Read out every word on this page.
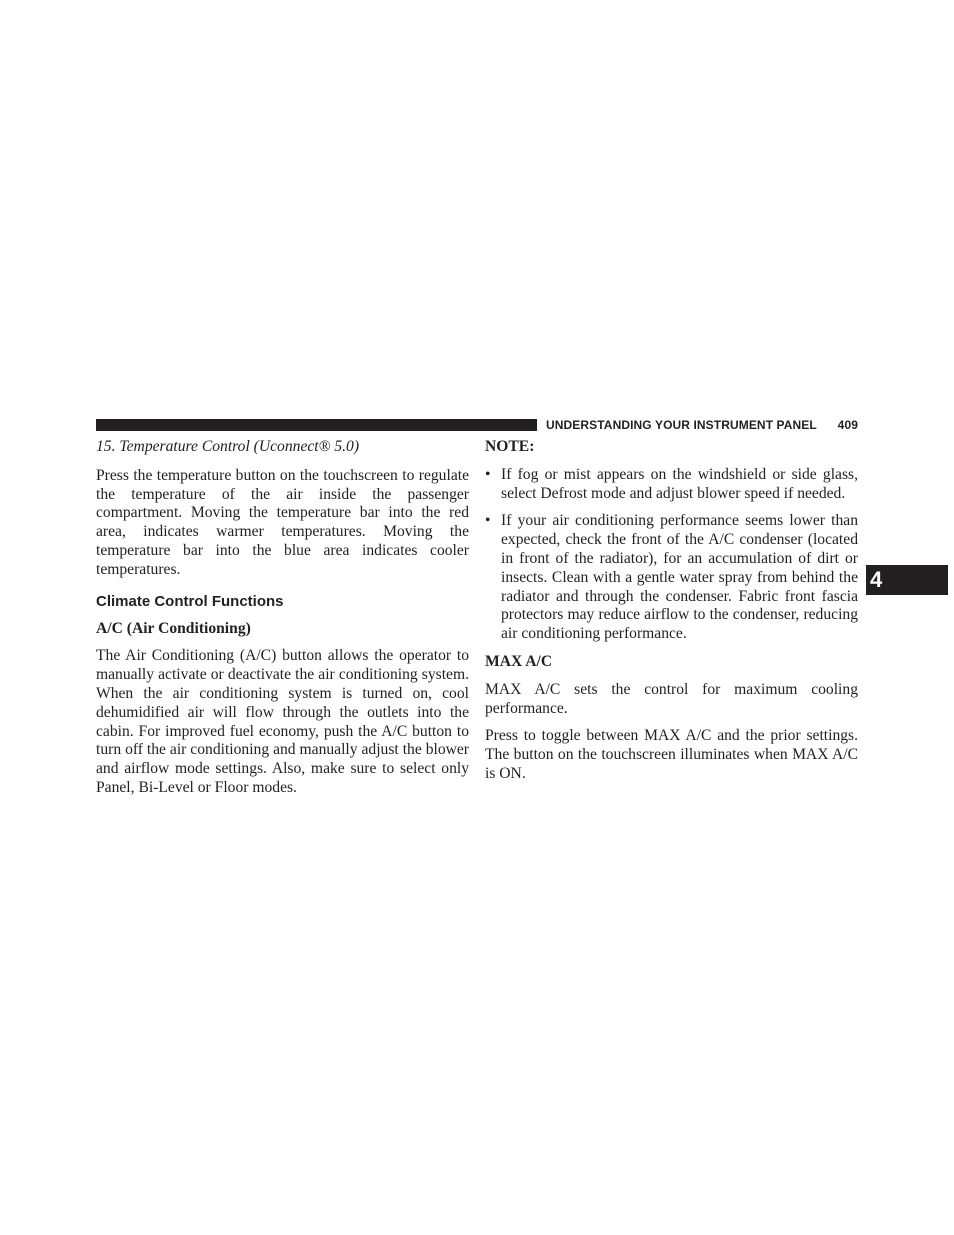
UNDERSTANDING YOUR INSTRUMENT PANEL 409
4

15. Temperature Control (Uconnect® 5.0)

Press the temperature button on the touchscreen to regulate the temperature of the air inside the passenger compartment. Moving the temperature bar into the red area, indicates warmer temperatures. Moving the temperature bar into the blue area indicates cooler temperatures.

Climate Control Functions

A/C (Air Conditioning)

The Air Conditioning (A/C) button allows the operator to manually activate or deactivate the air conditioning system. When the air conditioning system is turned on, cool dehumidified air will flow through the outlets into the cabin. For improved fuel economy, push the A/C button to turn off the air conditioning and manually adjust the blower and airflow mode settings. Also, make sure to select only Panel, Bi-Level or Floor modes.

NOTE:

• If fog or mist appears on the windshield or side glass, select Defrost mode and adjust blower speed if needed.
• If your air conditioning performance seems lower than expected, check the front of the A/C condenser (located in front of the radiator), for an accumulation of dirt or insects. Clean with a gentle water spray from behind the radiator and through the condenser. Fabric front fascia protectors may reduce airflow to the condenser, reducing air conditioning performance.

MAX A/C

MAX A/C sets the control for maximum cooling performance.

Press to toggle between MAX A/C and the prior settings. The button on the touchscreen illuminates when MAX A/C is ON.
